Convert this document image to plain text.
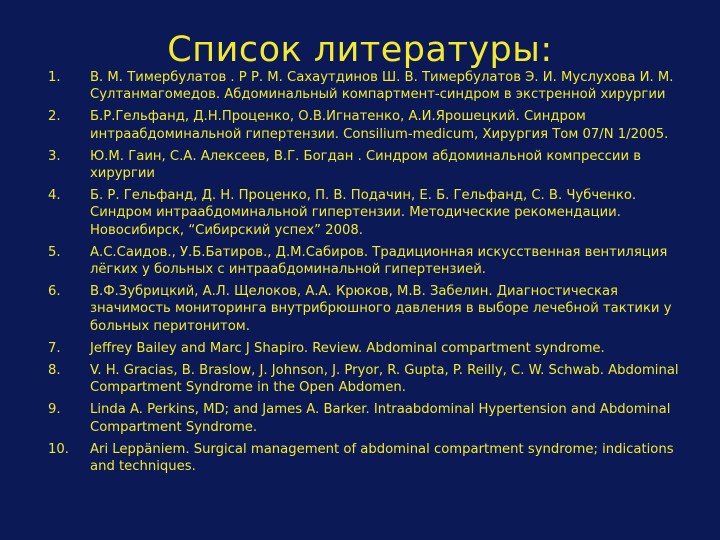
Список литературы:
1.	В. М. Тимербулатов . Р Р. М. Сахаутдинов Ш. В. Тимербулатов Э. И. Муслухова И. М. Султанмагомедов. Абдоминальный компартмент-синдром в экстренной хирургии
2.	Б.Р.Гельфанд, Д.Н.Проценко, О.В.Игнатенко, А.И.Ярошецкий. Синдром интраабдоминальной гипертензии. Consilium-medicum, Хирургия Том 07/N 1/2005.
3.	Ю.М. Гаин, С.А. Алексеев, В.Г. Богдан . Синдром абдоминальной компрессии в хирургии
4.	Б. Р. Гельфанд, Д. Н. Проценко, П. В. Подачин, Е. Б. Гельфанд, С. В. Чубченко. Синдром интраабдоминальной гипертензии. Методические рекомендации. Новосибирск, “Сибирский успех” 2008.
5.	А.С.Саидов., У.Б.Батиров., Д.М.Сабиров. Традиционная искусственная вентиляция лёгких у больных с интраабдоминальной гипертензией.
6.	В.Ф.Зубрицкий, А.Л. Щелоков, А.А. Крюков, М.В. Забелин. Диагностическая значимость мониторинга внутрибрюшного давления в выборе лечебной тактики у больных перитонитом.
7.	Jeffrey Bailey and Marc J Shapiro. Review. Abdominal compartment syndrome.
8.	V. H. Gracias, B. Braslow, J. Johnson, J. Pryor, R. Gupta, P. Reilly, C. W. Schwab. Abdominal Compartment Syndrome in the Open Abdomen.
9.	Linda A. Perkins, MD; and James A. Barker. Intraabdominal Hypertension and Abdominal Compartment Syndrome.
10.	Ari Leppäniem. Surgical management of abdominal compartment syndrome; indications and techniques.
